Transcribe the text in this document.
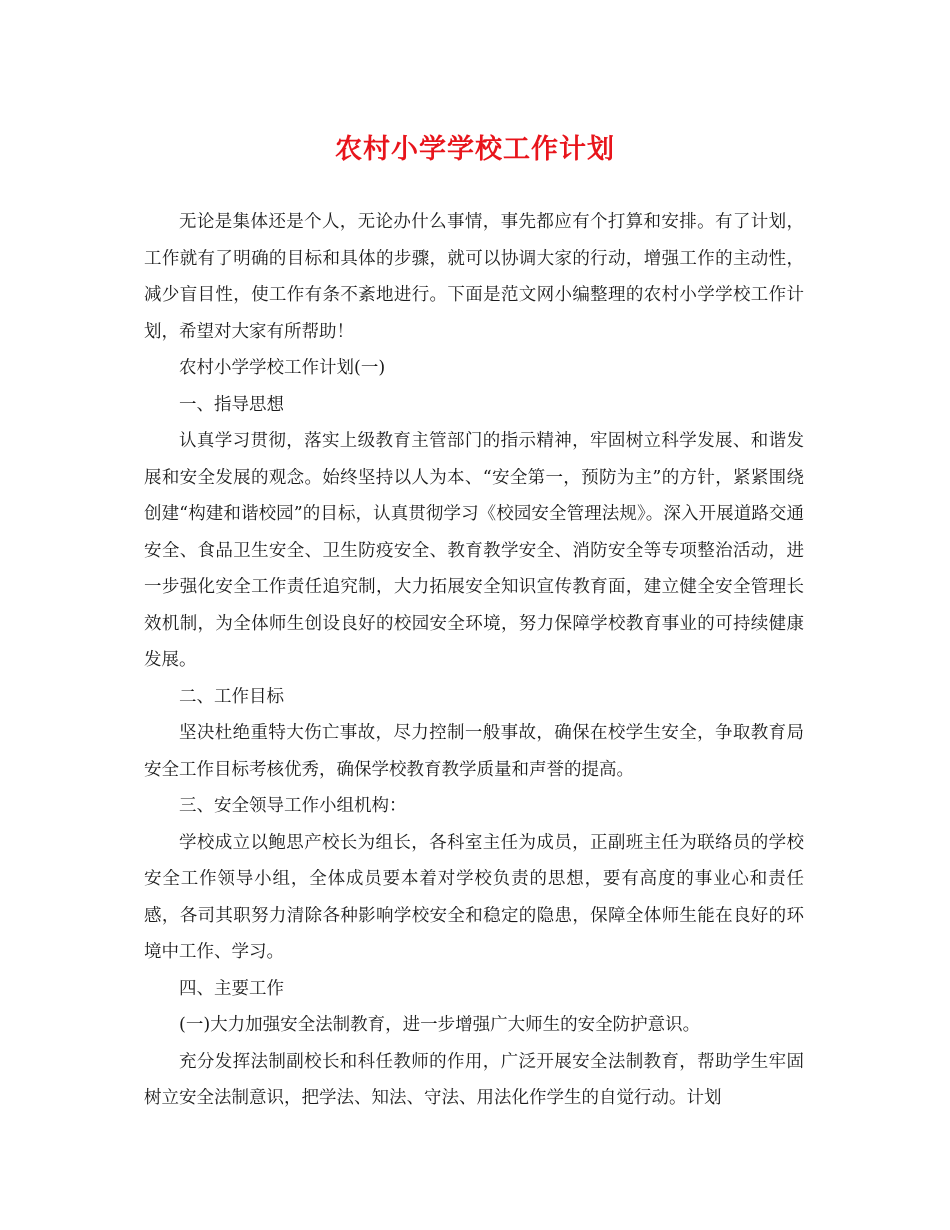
农村小学学校工作计划

无论是集体还是个人，无论办什么事情，事先都应有个打算和安排。有了计划，工作就有了明确的目标和具体的步骤，就可以协调大家的行动，增强工作的主动性，减少盲目性，使工作有条不紊地进行。下面是范文网小编整理的农村小学学校工作计划，希望对大家有所帮助！

农村小学学校工作计划(一)

一、指导思想

认真学习贯彻，落实上级教育主管部门的指示精神，牢固树立科学发展、和谐发展和安全发展的观念。始终坚持以人为本、“安全第一，预防为主”的方针，紧紧围绕创建“构建和谐校园”的目标，认真贯彻学习《校园安全管理法规》。深入开展道路交通安全、食品卫生安全、卫生防疫安全、教育教学安全、消防安全等专项整治活动，进一步强化安全工作责任追究制，大力拓展安全知识宣传教育面，建立健全安全管理长效机制，为全体师生创设良好的校园安全环境，努力保障学校教育事业的可持续健康发展。

二、工作目标

坚决杜绝重特大伤亡事故，尽力控制一般事故，确保在校学生安全，争取教育局安全工作目标考核优秀，确保学校教育教学质量和声誉的提高。

三、安全领导工作小组机构：

学校成立以鲍思产校长为组长，各科室主任为成员，正副班主任为联络员的学校安全工作领导小组，全体成员要本着对学校负责的思想，要有高度的事业心和责任感，各司其职努力清除各种影响学校安全和稳定的隐患，保障全体师生能在良好的环境中工作、学习。

四、主要工作

(一)大力加强安全法制教育，进一步增强广大师生的安全防护意识。

充分发挥法制副校长和科任教师的作用，广泛开展安全法制教育，帮助学生牢固树立安全法制意识，把学法、知法、守法、用法化作学生的自觉行动。计划
